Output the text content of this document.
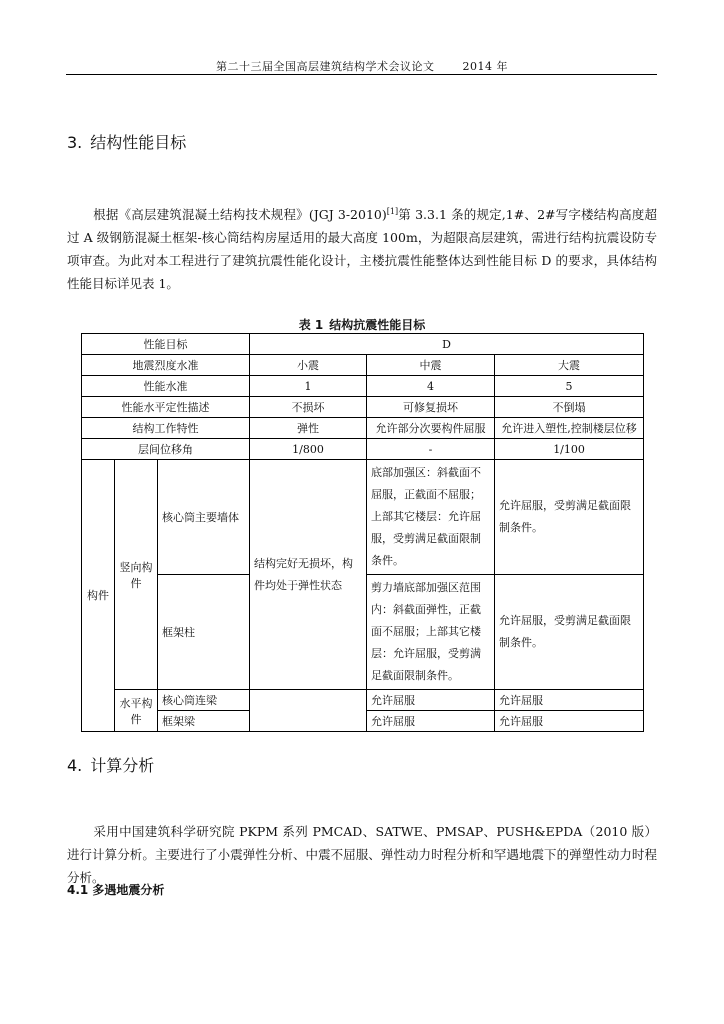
第二十三届全国高层建筑结构学术会议论文	2014 年
3. 结构性能目标
根据《高层建筑混凝土结构技术规程》(JGJ 3-2010)[1]第 3.3.1 条的规定,1#、2#写字楼结构高度超过 A 级钢筋混凝土框架-核心筒结构房屋适用的最大高度 100m，为超限高层建筑，需进行结构抗震设防专项审查。为此对本工程进行了建筑抗震性能化设计，主楼抗震性能整体达到性能目标 D 的要求，具体结构性能目标详见表 1。
表 1 结构抗震性能目标
性能目标			D		
地震烈度水准			小震	中震	大震
性能水准			1	4	5
性能水平定性描述			不损坏	可修复损坏	不倒塌
结构工作特性			弹性	允许部分次要构件屈服	允许进入塑性,控制楼层位移
层间位移角			1/800	-	1/100
构件	竖向构件	核心筒主要墙体	结构完好无损坏，构件均处于弹性状态	底部加强区：斜截面不屈服，正截面不屈服；上部其它楼层：允许屈服，受剪满足截面限制条件。	允许屈服，受剪满足截面限制条件。
		框架柱		剪力墙底部加强区范围内：斜截面弹性，正截面不屈服；上部其它楼层：允许屈服，受剪满足截面限制条件。	允许屈服，受剪满足截面限制条件。
	水平构件	核心筒连梁		允许屈服	允许屈服
		框架梁		允许屈服	允许屈服
4. 计算分析
采用中国建筑科学研究院 PKPM 系列 PMCAD、SATWE、PMSAP、PUSH&EPDA（2010 版）进行计算分析。主要进行了小震弹性分析、中震不屈服、弹性动力时程分析和罕遇地震下的弹塑性动力时程分析。
4.1 多遇地震分析
